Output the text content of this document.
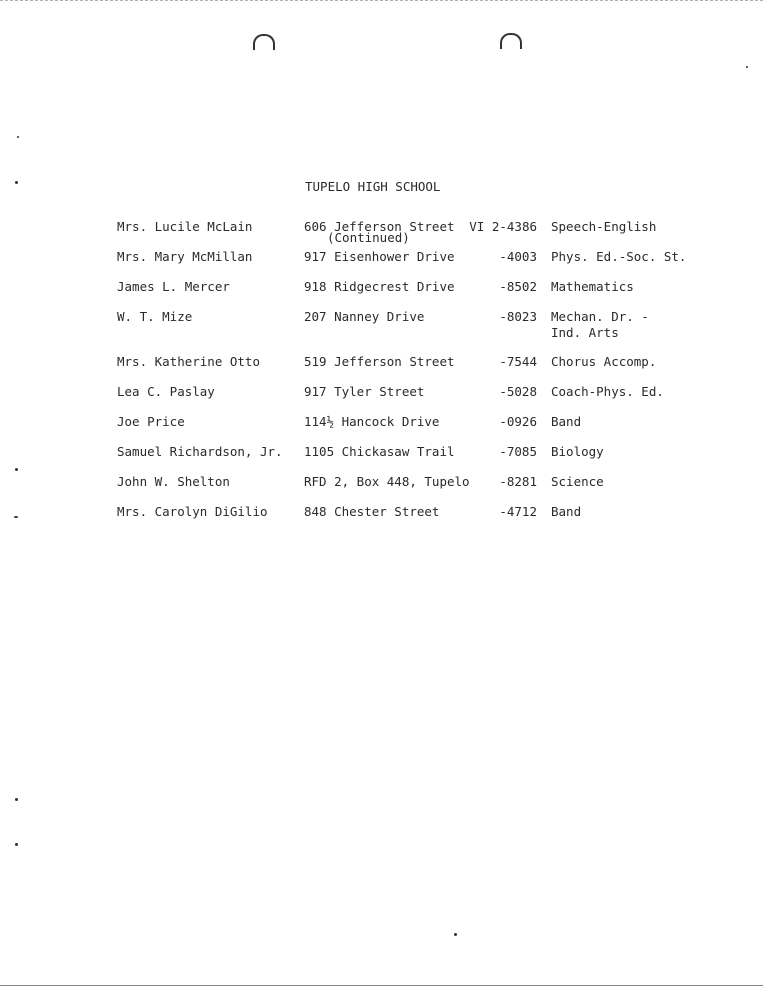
TUPELO HIGH SCHOOL

(Continued)

Mrs. Lucile McLain	606 Jefferson Street	VI 2-4386 Speech-English
Mrs. Mary McMillan	917 Eisenhower Drive	-4003 Phys. Ed.-Soc. St.
James L. Mercer	918 Ridgecrest Drive	-8502 Mathematics
W. T. Mize	207 Nanney Drive	-8023 Mechan. Dr. -
Ind. Arts
Mrs. Katherine Otto	519 Jefferson Street	-7544 Chorus Accomp.
Lea C. Paslay	917 Tyler Street	-5028 Coach-Phys. Ed.
Joe Price	114½ Hancock Drive	-0926 Band
Samuel Richardson, Jr. 1105 Chickasaw Trail	-7085 Biology
John W. Shelton	RFD 2, Box 448, Tupelo	-8281 Science
Mrs. Carolyn DiGilio	848 Chester Street	-4712 Band
